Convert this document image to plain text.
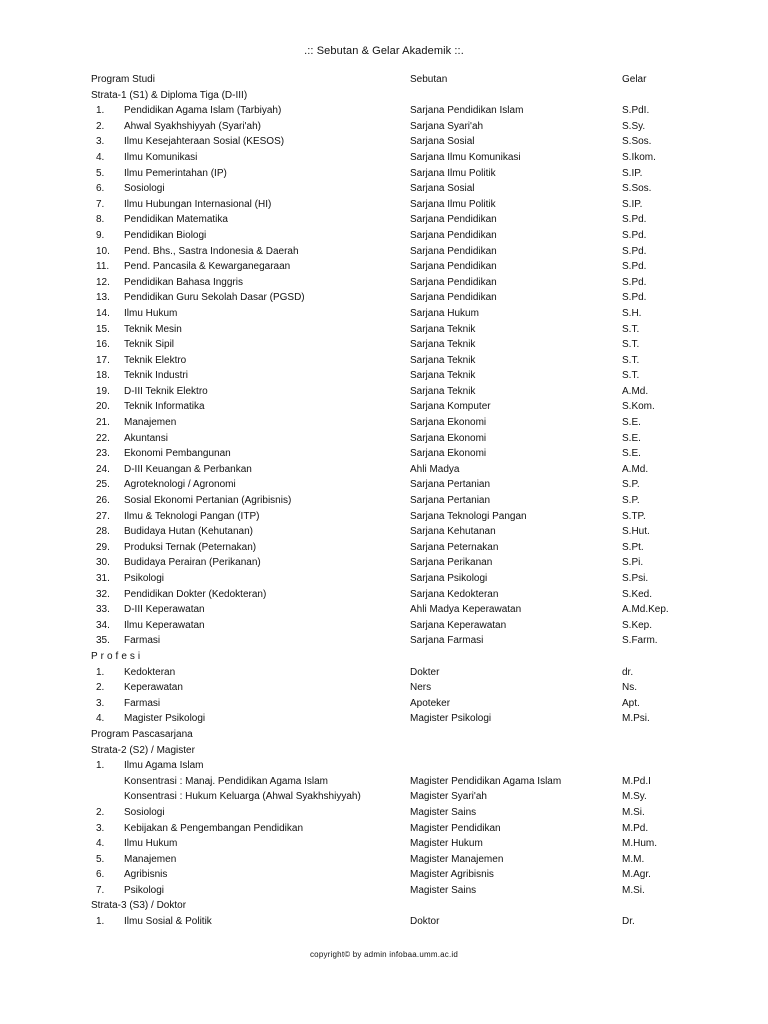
.:: Sebutan & Gelar Akademik ::.
Program Studi	Sebutan	Gelar
Strata-1 (S1) & Diploma Tiga (D-III)
1. Pendidikan Agama Islam (Tarbiyah)	Sarjana Pendidikan Islam	S.PdI.
2. Ahwal Syakhshiyyah (Syari'ah)	Sarjana Syari'ah	S.Sy.
3. Ilmu Kesejahteraan Sosial (KESOS)	Sarjana Sosial	S.Sos.
4. Ilmu Komunikasi	Sarjana Ilmu Komunikasi	S.Ikom.
5. Ilmu Pemerintahan (IP)	Sarjana Ilmu Politik	S.IP.
6. Sosiologi	Sarjana Sosial	S.Sos.
7. Ilmu Hubungan Internasional (HI)	Sarjana Ilmu Politik	S.IP.
8. Pendidikan Matematika	Sarjana Pendidikan	S.Pd.
9. Pendidikan Biologi	Sarjana Pendidikan	S.Pd.
10. Pend. Bhs., Sastra Indonesia & Daerah	Sarjana Pendidikan	S.Pd.
11. Pend. Pancasila & Kewarganegaraan	Sarjana Pendidikan	S.Pd.
12. Pendidikan Bahasa Inggris	Sarjana Pendidikan	S.Pd.
13. Pendidikan Guru Sekolah Dasar (PGSD)	Sarjana Pendidikan	S.Pd.
14. Ilmu Hukum	Sarjana Hukum	S.H.
15. Teknik Mesin	Sarjana Teknik	S.T.
16. Teknik Sipil	Sarjana Teknik	S.T.
17. Teknik Elektro	Sarjana Teknik	S.T.
18. Teknik Industri	Sarjana Teknik	S.T.
19. D-III Teknik Elektro	Sarjana Teknik	A.Md.
20. Teknik Informatika	Sarjana Komputer	S.Kom.
21. Manajemen	Sarjana Ekonomi	S.E.
22. Akuntansi	Sarjana Ekonomi	S.E.
23. Ekonomi Pembangunan	Sarjana Ekonomi	S.E.
24. D-III Keuangan & Perbankan	Ahli Madya	A.Md.
25. Agroteknologi / Agronomi	Sarjana Pertanian	S.P.
26. Sosial Ekonomi Pertanian (Agribisnis)	Sarjana Pertanian	S.P.
27. Ilmu & Teknologi Pangan (ITP)	Sarjana Teknologi Pangan	S.TP.
28. Budidaya Hutan (Kehutanan)	Sarjana Kehutanan	S.Hut.
29. Produksi Ternak (Peternakan)	Sarjana Peternakan	S.Pt.
30. Budidaya Perairan (Perikanan)	Sarjana Perikanan	S.Pi.
31. Psikologi	Sarjana Psikologi	S.Psi.
32. Pendidikan Dokter (Kedokteran)	Sarjana Kedokteran	S.Ked.
33. D-III Keperawatan	Ahli Madya Keperawatan	A.Md.Kep.
34. Ilmu Keperawatan	Sarjana Keperawatan	S.Kep.
35. Farmasi	Sarjana Farmasi	S.Farm.
Profesi
1. Kedokteran	Dokter	dr.
2. Keperawatan	Ners	Ns.
3. Farmasi	Apoteker	Apt.
4. Magister Psikologi	Magister Psikologi	M.Psi.
Program Pascasarjana
Strata-2 (S2) / Magister
1. Ilmu Agama Islam
Konsentrasi : Manaj. Pendidikan Agama Islam	Magister Pendidikan Agama Islam	M.Pd.I
Konsentrasi : Hukum Keluarga (Ahwal Syakhshiyyah)	Magister Syari'ah	M.Sy.
2. Sosiologi	Magister Sains	M.Si.
3. Kebijakan & Pengembangan Pendidikan	Magister Pendidikan	M.Pd.
4. Ilmu Hukum	Magister Hukum	M.Hum.
5. Manajemen	Magister Manajemen	M.M.
6. Agribisnis	Magister Agribisnis	M.Agr.
7. Psikologi	Magister Sains	M.Si.
Strata-3 (S3) / Doktor
1. Ilmu Sosial & Politik	Doktor	Dr.
copyright© by admin infobaa.umm.ac.id
